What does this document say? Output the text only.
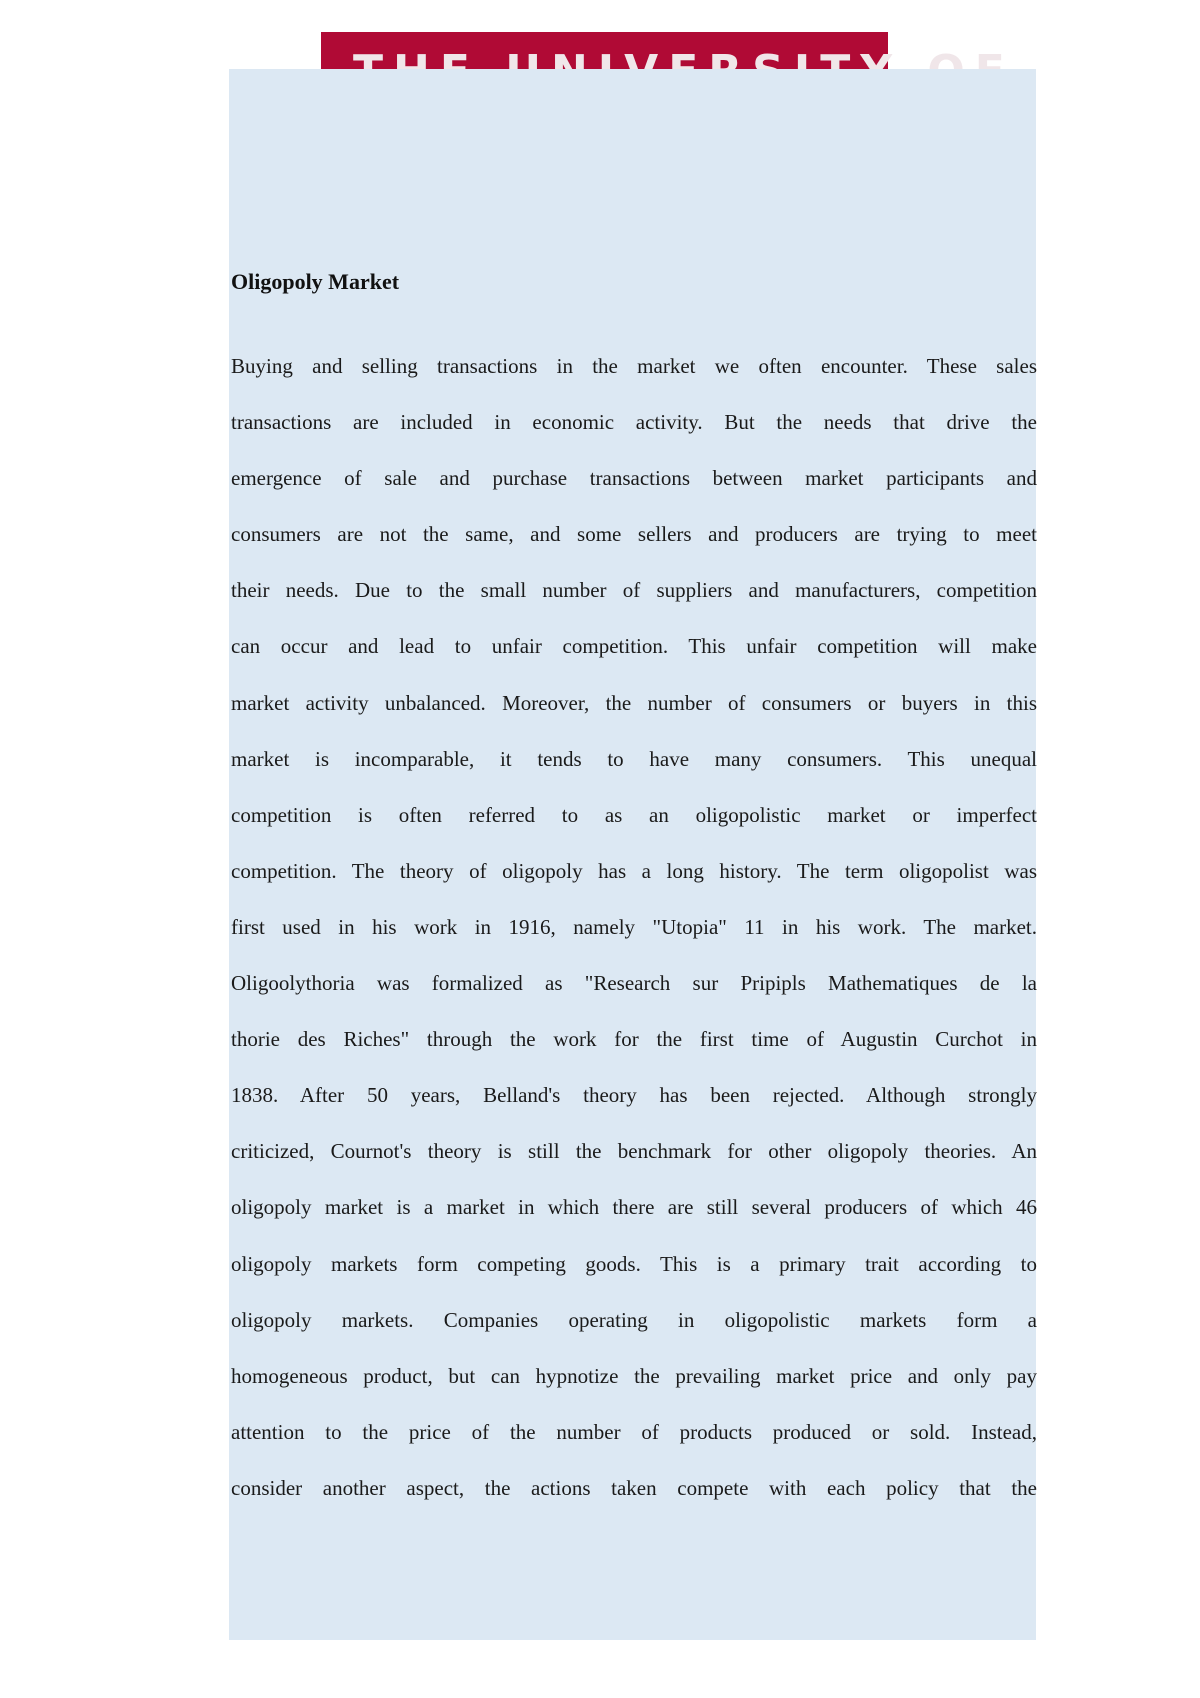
Oligopoly Market
Buying and selling transactions in the market we often encounter. These sales
transactions are included in economic activity. But the needs that drive the
emergence of sale and purchase transactions between market participants and
consumers are not the same, and some sellers and producers are trying to meet
their needs. Due to the small number of suppliers and manufacturers, competition
can occur and lead to unfair competition. This unfair competition will make
market activity unbalanced. Moreover, the number of consumers or buyers in this
market is incomparable, it tends to have many consumers. This unequal
competition is often referred to as an oligopolistic market or imperfect
competition. The theory of oligopoly has a long history. The term oligopolist was
first used in his work in 1916, namely "Utopia" 11 in his work. The market.
Oligoolythoria was formalized as "Research sur Pripipls Mathematiques de la
thorie des Riches" through the work for the first time of Augustin Curchot in
1838. After 50 years, Belland's theory has been rejected. Although strongly
criticized, Cournot's theory is still the benchmark for other oligopoly theories. An
oligopoly market is a market in which there are still several producers of which 46
oligopoly markets form competing goods. This is a primary trait according to
oligopoly markets. Companies operating in oligopolistic markets form a
homogeneous product, but can hypnotize the prevailing market price and only pay
attention to the price of the number of products produced or sold. Instead,
consider another aspect, the actions taken compete with each policy that the
